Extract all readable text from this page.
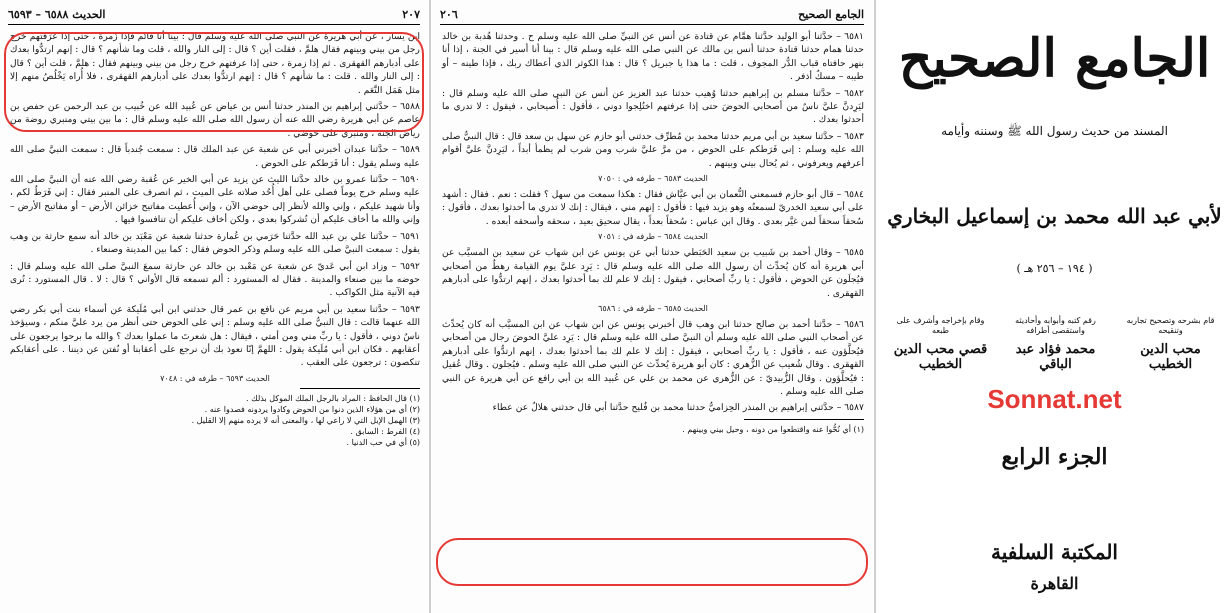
٢٠٧
الحديث ٦٥٨٨ – ٦٥٩٣

ابن يسار ، عن أبي هريرة عن النبي صلى الله عليه وسلم قال : بينا أنا قائم فإذا زُمرة ، حتى إذا عَرَفتهم خرج رجل من بيني وبينهم فقال هلمَّ ، فقلت أين ؟ قال : إلى النار والله ، قلت وما شأنهم ؟ قال : إنهم ارتدُّوا بعدك على أدبارهم القهقرى . ثم إذا زمرة ، حتى إذا عرفتهم خرج رجل من بيني وبينهم فقال : هلمَّ ، قلت أين ؟ قال : إلى النار والله . قلت : ما شأنهم ؟ قال : إنهم ارتدُّوا بعدك على أدبارهم القهقرى ، فلا أُراه يَخْلُصُ منهم إلا مثل هَمَل النَّعَم .

٦٥٨٨ – حدَّثني إبراهيم بن المنذر حدثنا أنس بن عياض عن عُبيد الله عن خُبيب بن عبد الرحمن عن حفص بن عاصم عن أبي هريرة رضي الله عنه أن رسول الله صلى الله عليه وسلم قال : ما بين بيتي ومنبري روضة من رياض الجنة ، ومنبري على حوضي .

٦٥٨٩ – حدَّثنا عبدان أخبرني أبي عن شعبة عن عبد الملك قال : سمعت جُندباً قال : سمعت النبيَّ صلى الله عليه وسلم يقول : أنا فَرَطكم على الحوض .

٦٥٩٠ – حدَّثنا عمرو بن خالد حدَّثنا الليث عن يزيد عن أبي الخير عن عُقبة رضي الله عنه أن النبيَّ صلى الله عليه وسلم خرج يوماً فصلى على أهل أُحُد صلاته على الميت ، ثم انصرف على المنبر فقال : إني فَرَطٌ لكم ، وأنا شهيد عليكم ، وإني والله لأنظر إلى حوضي الآن ، وإني أُعطيت مفاتيح خزائن الأرض – أو مفاتيح الأرض – وإني والله ما أخاف عليكم أن تُشركوا بعدي ، ولكن أخاف عليكم أن تنافسوا فيها .

٦٥٩١ – حدَّثنا علي بن عبد الله حدَّثنا حَرَمي بن عُمارة حدثنا شعبة عن مَعْبَد بن خالد أنه سمع حارثة بن وهب يقول : سمعت النبيَّ صلى الله عليه وسلم وذكر الحوض فقال : كما بين المدينة وصنعاء .

٦٥٩٢ – وزاد ابن أبي عَديّ عن شعبة عن مَعْبد بن خالد عن حارثة سمعَ النبيَّ صلى الله عليه وسلم قال : حوضه ما بين صنعاء والمدينة . فقال له المستورد : ألم تسمعه قال الأواني ؟ قال : لا . قال المستورد : تُرى فيه الآنية مثل الكواكب .

٦٥٩٣ – حدَّثنا سعيد بن أبي مريم عن نافع بن عمر قال حدثني ابن أبي مُلَيكة عن أسماء بنت أبي بكر رضي الله عنهما قالت : قال النبيُّ صلى الله عليه وسلم : إني على الحوض حتى أنظر من يرد عليَّ منكم ، وسيؤخذ ناسٌ دوني ، فأقول : يا ربِّ مني ومن أمتي ، فيقال : هل شعرتَ ما عملوا بعدك ؟ والله ما برحوا يرجعون على أعقابهم . فكان ابن أبي مُلَيكة يقول : اللهمَّ إنّا نعوذ بك أن نرجع على أعقابنا أو نُفتن عن ديننا . على أعقابكم تنكصون : ترجعون على العقب .

الحديث ٦٥٩٣ – طرفه في : ٧٠٤٨
(١) قال الحافظ : المراد بالرجل الملك الموكل بذلك .
(٢) أي من هؤلاء الذين دنوا من الحوض وكادوا يردونه فصدوا عنه .
(٣) الهمل الإبل التي لا راعي لها ، والمعنى أنه لا يرده منهم إلا القليل .
(٤) الفرط : السابق .
(٥) أي في حب الدنيا .
الجامع الصحيح
٢٠٦

٦٥٨١ – حدَّثنا أبو الوليد حدَّثنا همَّام عن قتادة عن أنس عن النبيِّ صلى الله عليه وسلم ح . وحدثنا هُدبة بن خالد حدثنا همام حدثنا قتادة حدثنا أنس بن مالك عن النبي صلى الله عليه وسلم قال : بينا أنا أسير في الجنة ، إذا أنا بنهر حافتاه قباب الدُّر المجوف ، قلت : ما هذا يا جبريل ؟ قال : هذا الكوثر الذي أعطاك ربك ، فإذا طينه – أو طيبه – مسكٌ أذفر .

٦٥٨٢ – حدَّثنا مسلم بن إبراهيم حدثنا وُهيب حدثنا عبد العزيز عن أنس عن النبي صلى الله عليه وسلم قال : ليَرِدنَّ عليَّ ناسٌ من أصحابي الحوضَ حتى إذا عرفتهم اختُلِجوا دوني ، فأقول : أُصيحابي ، فيقول : لا تدري ما أحدثوا بعدك .

٦٥٨٣ – حدَّثنا سعيد بن أبي مريم حدثنا محمد بن مُطرِّف حدثني أبو حازم عن سهل بن سعد قال : قال النبيُّ صلى الله عليه وسلم : إني فَرَطكم على الحوض ، من مرَّ عليَّ شرب ومن شرب لم يظمأ أبداً ، ليَرِدنَّ عليَّ أقوام أعرفهم ويعرفوني ، ثم يُحال بيني وبينهم .

الحديث ٦٥٨٣ – طرفه في : ٧٠٥٠

٦٥٨٤ – قال أبو حازم فسمعني النُّعمان بن أبي عيَّاش فقال : هكذا سمعت من سهل ؟ فقلت : نعم . فقال : أشهد على أبي سعيد الخدريّ لسمعتُه وهو يزيد فيها : فأقول : إنهم مني ، فيقال : إنك لا تدري ما أحدثوا بعدك ، فأقول : سُحقاً سحقاً لمن غيَّر بعدي . وقال ابن عباس : سُحقاً بعداً ، يقال سحيق بعيد ، سحقه وأسحقه أبعده .

الحديث ٦٥٨٤ – طرفه في : ٧٠٥١

٦٥٨٥ – وقال أحمد بن شَبيب بن سعيد الحَبَطي حدثنا أبي عن يونس عن ابن شهاب عن سعيد بن المسيَّب عن أبي هريرة أنه كان يُحدِّث أن رسول الله صلى الله عليه وسلم قال : يَرِد عليَّ يوم القيامة رهطٌ من أصحابي فيُجلَون عن الحوض ، فأقول : يا ربِّ أصحابي ، فيقول : إنك لا علم لك بما أحدثوا بعدك ، إنهم ارتدُّوا على أدبارهم القهقرى .

الحديث ٦٥٨٥ – طرفه في : ٦٥٨٦

٦٥٨٦ – حدَّثنا أحمد بن صالح حدثنا ابن وهب قال أخبرني يونس عن ابن شهاب عن ابن المسيَّب أنه كان يُحدِّث عن أصحاب النبي صلى الله عليه وسلم أن النبيَّ صلى الله عليه وسلم قال : يَرِد عليَّ الحوضَ رجال من أصحابي فيُحلَّؤون عنه ، فأقول : يا ربِّ أصحابي ، فيقول : إنك لا علم لك بما أحدثوا بعدك ، إنهم ارتدُّوا على أدبارهم القهقرى . وقال شُعيب عن الزُّهري : كان أبو هريرة يُحدِّث عن النبي صلى الله عليه وسلم . فيُجلون . وقال عُقيل : فيُحلَّؤون . وقال الزُّبيديّ : عن الزُّهري عن محمد بن علي عن عُبيد الله بن أبي رافع عن أبي هريرة عن النبي صلى الله عليه وسلم .

٦٥٨٧ – حدَّثني إبراهيم بن المنذر الحِزاميُّ حدثنا محمد بن فُليح حدَّثنا أبي قال حدثني هلالٌ عن عطاء

(١) أي نُحُّوا عنه واقتطعوا من دونه ، وحيل بيني وبينهم .
الجامع الصحيح
المسند من حديث رسول الله ﷺ وسننه وأيامه
لأبي عبد الله محمد بن إسماعيل البخاري
( ١٩٤ – ٢٥٦ هـ )
قام بشرحه وتصحيح تجاربه وتنقيحه
محب الدين الخطيب
رقم كتبه وأبوابه وأحاديثه واستقصى أطرافه
محمد فؤاد عبد الباقي
وقام بإخراجه وأشرف على طبعه
قصي محب الدين الخطيب
Sonnat.net
الجزء الرابع
المكتبة السلفية
القاهرة
